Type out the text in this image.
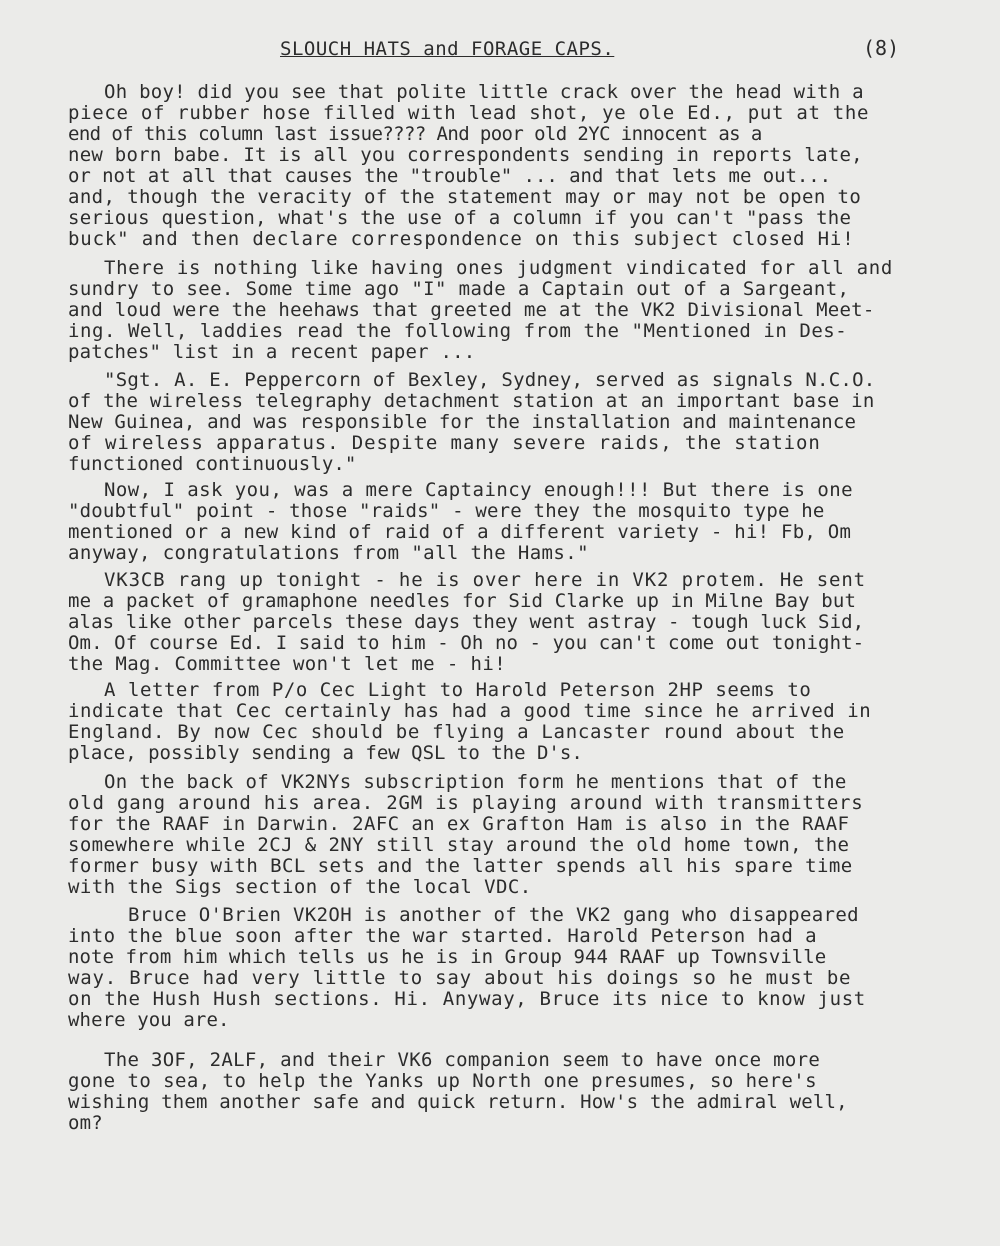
SLOUCH HATS and FORAGE CAPS.	(8)
Oh boy! did you see that polite little crack over the head with a
piece of rubber hose filled with lead shot, ye ole Ed., put at the
end of this column last issue???? And poor old 2YC innocent as a
new born babe. It is all you correspondents sending in reports late,
or not at all that causes the "trouble" ... and that lets me out...
and, though the veracity of the statement may or may not be open to
serious question, what's the use of a column if you can't "pass the
buck" and then declare correspondence on this subject closed Hi!
There is nothing like having ones judgment vindicated for all and
sundry to see. Some time ago "I" made a Captain out of a Sargeant,
and loud were the heehaws that greeted me at the VK2 Divisional Meet-
ing. Well, laddies read the following from the "Mentioned in Des-
patches" list in a recent paper ...
"Sgt. A. E. Peppercorn of Bexley, Sydney, served as signals N.C.O.
of the wireless telegraphy detachment station at an important base in
New Guinea, and was responsible for the installation and maintenance
of wireless apparatus. Despite many severe raids, the station
functioned continuously."
Now, I ask you, was a mere Captaincy enough!!! But there is one
"doubtful" point - those "raids" - were they the mosquito type he
mentioned or a new kind of raid of a different variety - hi! Fb, Om
anyway, congratulations from "all the Hams."
VK3CB rang up tonight - he is over here in VK2 protem. He sent
me a packet of gramaphone needles for Sid Clarke up in Milne Bay but
alas like other parcels these days they went astray - tough luck Sid,
Om. Of course Ed. I said to him - Oh no - you can't come out tonight-
the Mag. Committee won't let me - hi!
A letter from P/o Cec Light to Harold Peterson 2HP seems to
indicate that Cec certainly has had a good time since he arrived in
England. By now Cec should be flying a Lancaster round about the
place, possibly sending a few QSL to the D's.
On the back of VK2NYs subscription form he mentions that of the
old gang around his area. 2GM is playing around with transmitters
for the RAAF in Darwin. 2AFC an ex Grafton Ham is also in the RAAF
somewhere while 2CJ & 2NY still stay around the old home town, the
former busy with BCL sets and the latter spends all his spare time
with the Sigs section of the local VDC.
Bruce O'Brien VK2OH is another of the VK2 gang who disappeared
into the blue soon after the war started. Harold Peterson had a
note from him which tells us he is in Group 944 RAAF up Townsville
way. Bruce had very little to say about his doings so he must be
on the Hush Hush sections. Hi. Anyway, Bruce its nice to know just
where you are.
The 3OF, 2ALF, and their VK6 companion seem to have once more
gone to sea, to help the Yanks up North one presumes, so here's
wishing them another safe and quick return. How's the admiral well,
om?
